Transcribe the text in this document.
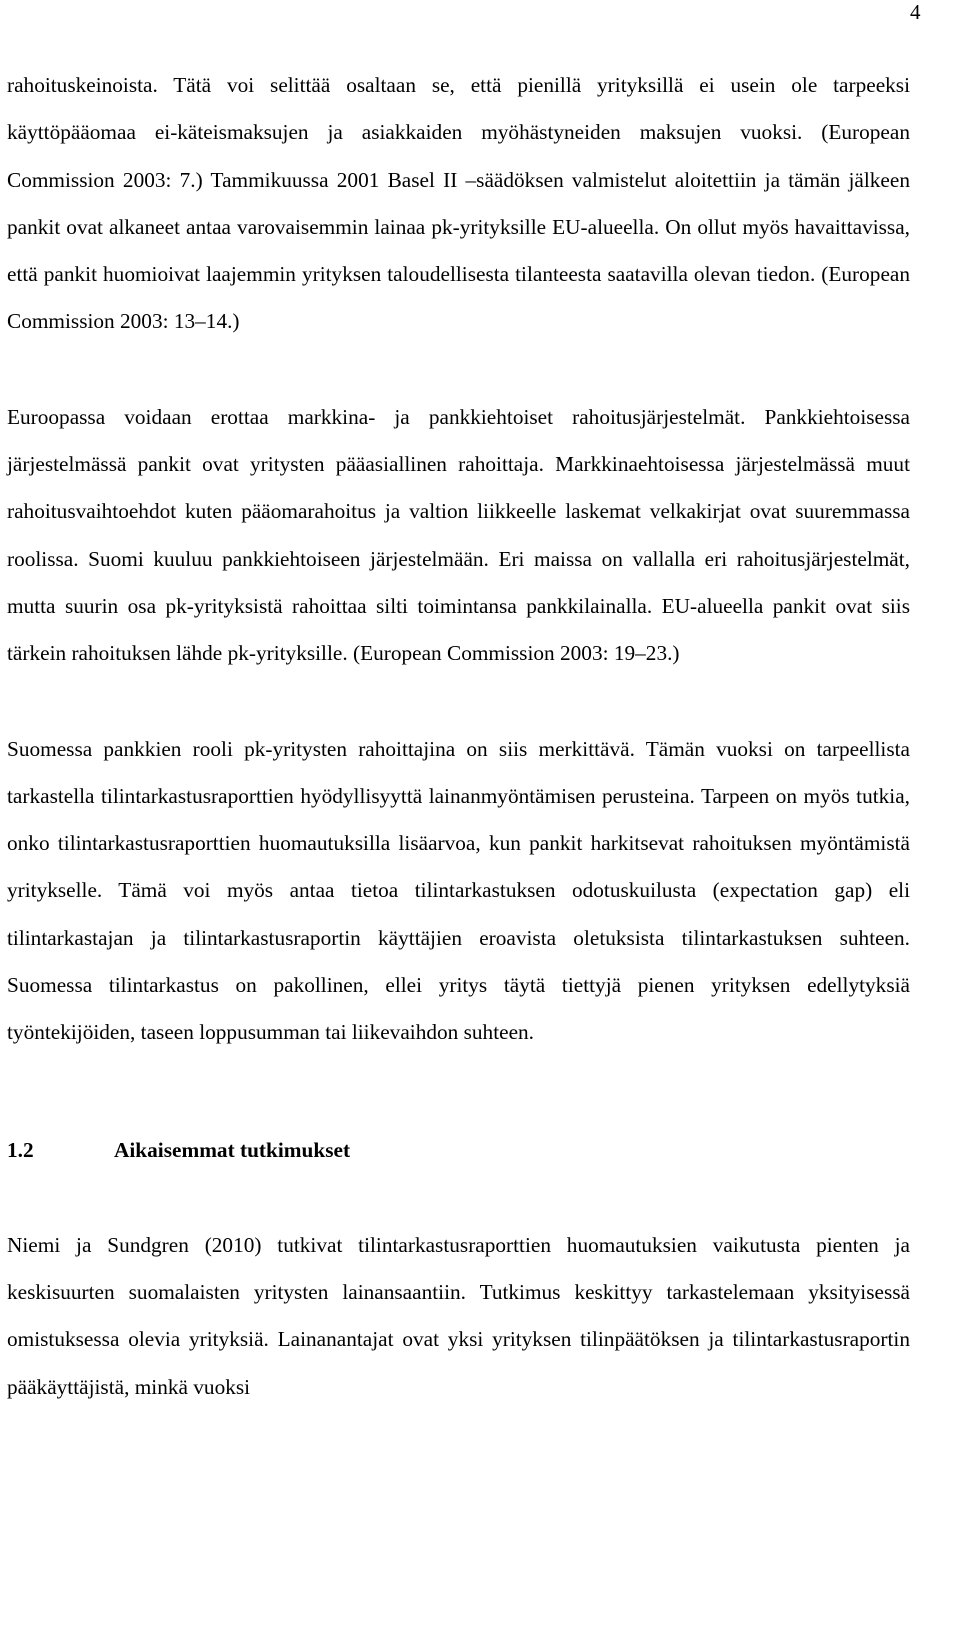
4

rahoituskeinoista. Tätä voi selittää osaltaan se, että pienillä yrityksillä ei usein ole tarpeeksi käyttöpääomaa ei-käteismaksujen ja asiakkaiden myöhästyneiden maksujen vuoksi. (European Commission 2003: 7.) Tammikuussa 2001 Basel II –säädöksen valmistelut aloitettiin ja tämän jälkeen pankit ovat alkaneet antaa varovaisemmin lainaa pk-yrityksille EU-alueella. On ollut myös havaittavissa, että pankit huomioivat laajemmin yrityksen taloudellisesta tilanteesta saatavilla olevan tiedon. (European Commission 2003: 13–14.)

Euroopassa voidaan erottaa markkina- ja pankkiehtoiset rahoitusjärjestelmät. Pankkiehtoisessa järjestelmässä pankit ovat yritysten pääasiallinen rahoittaja. Markkinaehtoisessa järjestelmässä muut rahoitusvaihtoehdot kuten pääomarahoitus ja valtion liikkeelle laskemat velkakirjat ovat suuremmassa roolissa. Suomi kuuluu pankkiehtoiseen järjestelmään. Eri maissa on vallalla eri rahoitusjärjestelmät, mutta suurin osa pk-yrityksistä rahoittaa silti toimintansa pankkilainalla. EU-alueella pankit ovat siis tärkein rahoituksen lähde pk-yrityksille. (European Commission 2003: 19–23.)

Suomessa pankkien rooli pk-yritysten rahoittajina on siis merkittävä. Tämän vuoksi on tarpeellista tarkastella tilintarkastusraporttien hyödyllisyyttä lainanmyöntämisen perusteina. Tarpeen on myös tutkia, onko tilintarkastusraporttien huomautuksilla lisäarvoa, kun pankit harkitsevat rahoituksen myöntämistä yritykselle. Tämä voi myös antaa tietoa tilintarkastuksen odotuskuilusta (expectation gap) eli tilintarkastajan ja tilintarkastusraportin käyttäjien eroavista oletuksista tilintarkastuksen suhteen. Suomessa tilintarkastus on pakollinen, ellei yritys täytä tiettyjä pienen yrityksen edellytyksiä työntekijöiden, taseen loppusumman tai liikevaihdon suhteen.

1.2	Aikaisemmat tutkimukset

Niemi ja Sundgren (2010) tutkivat tilintarkastusraporttien huomautuksien vaikutusta pienten ja keskisuurten suomalaisten yritysten lainansaantiin. Tutkimus keskittyy tarkastelemaan yksityisessä omistuksessa olevia yrityksiä. Lainanantajat ovat yksi yrityksen tilinpäätöksen ja tilintarkastusraportin pääkäyttäjistä, minkä vuoksi
